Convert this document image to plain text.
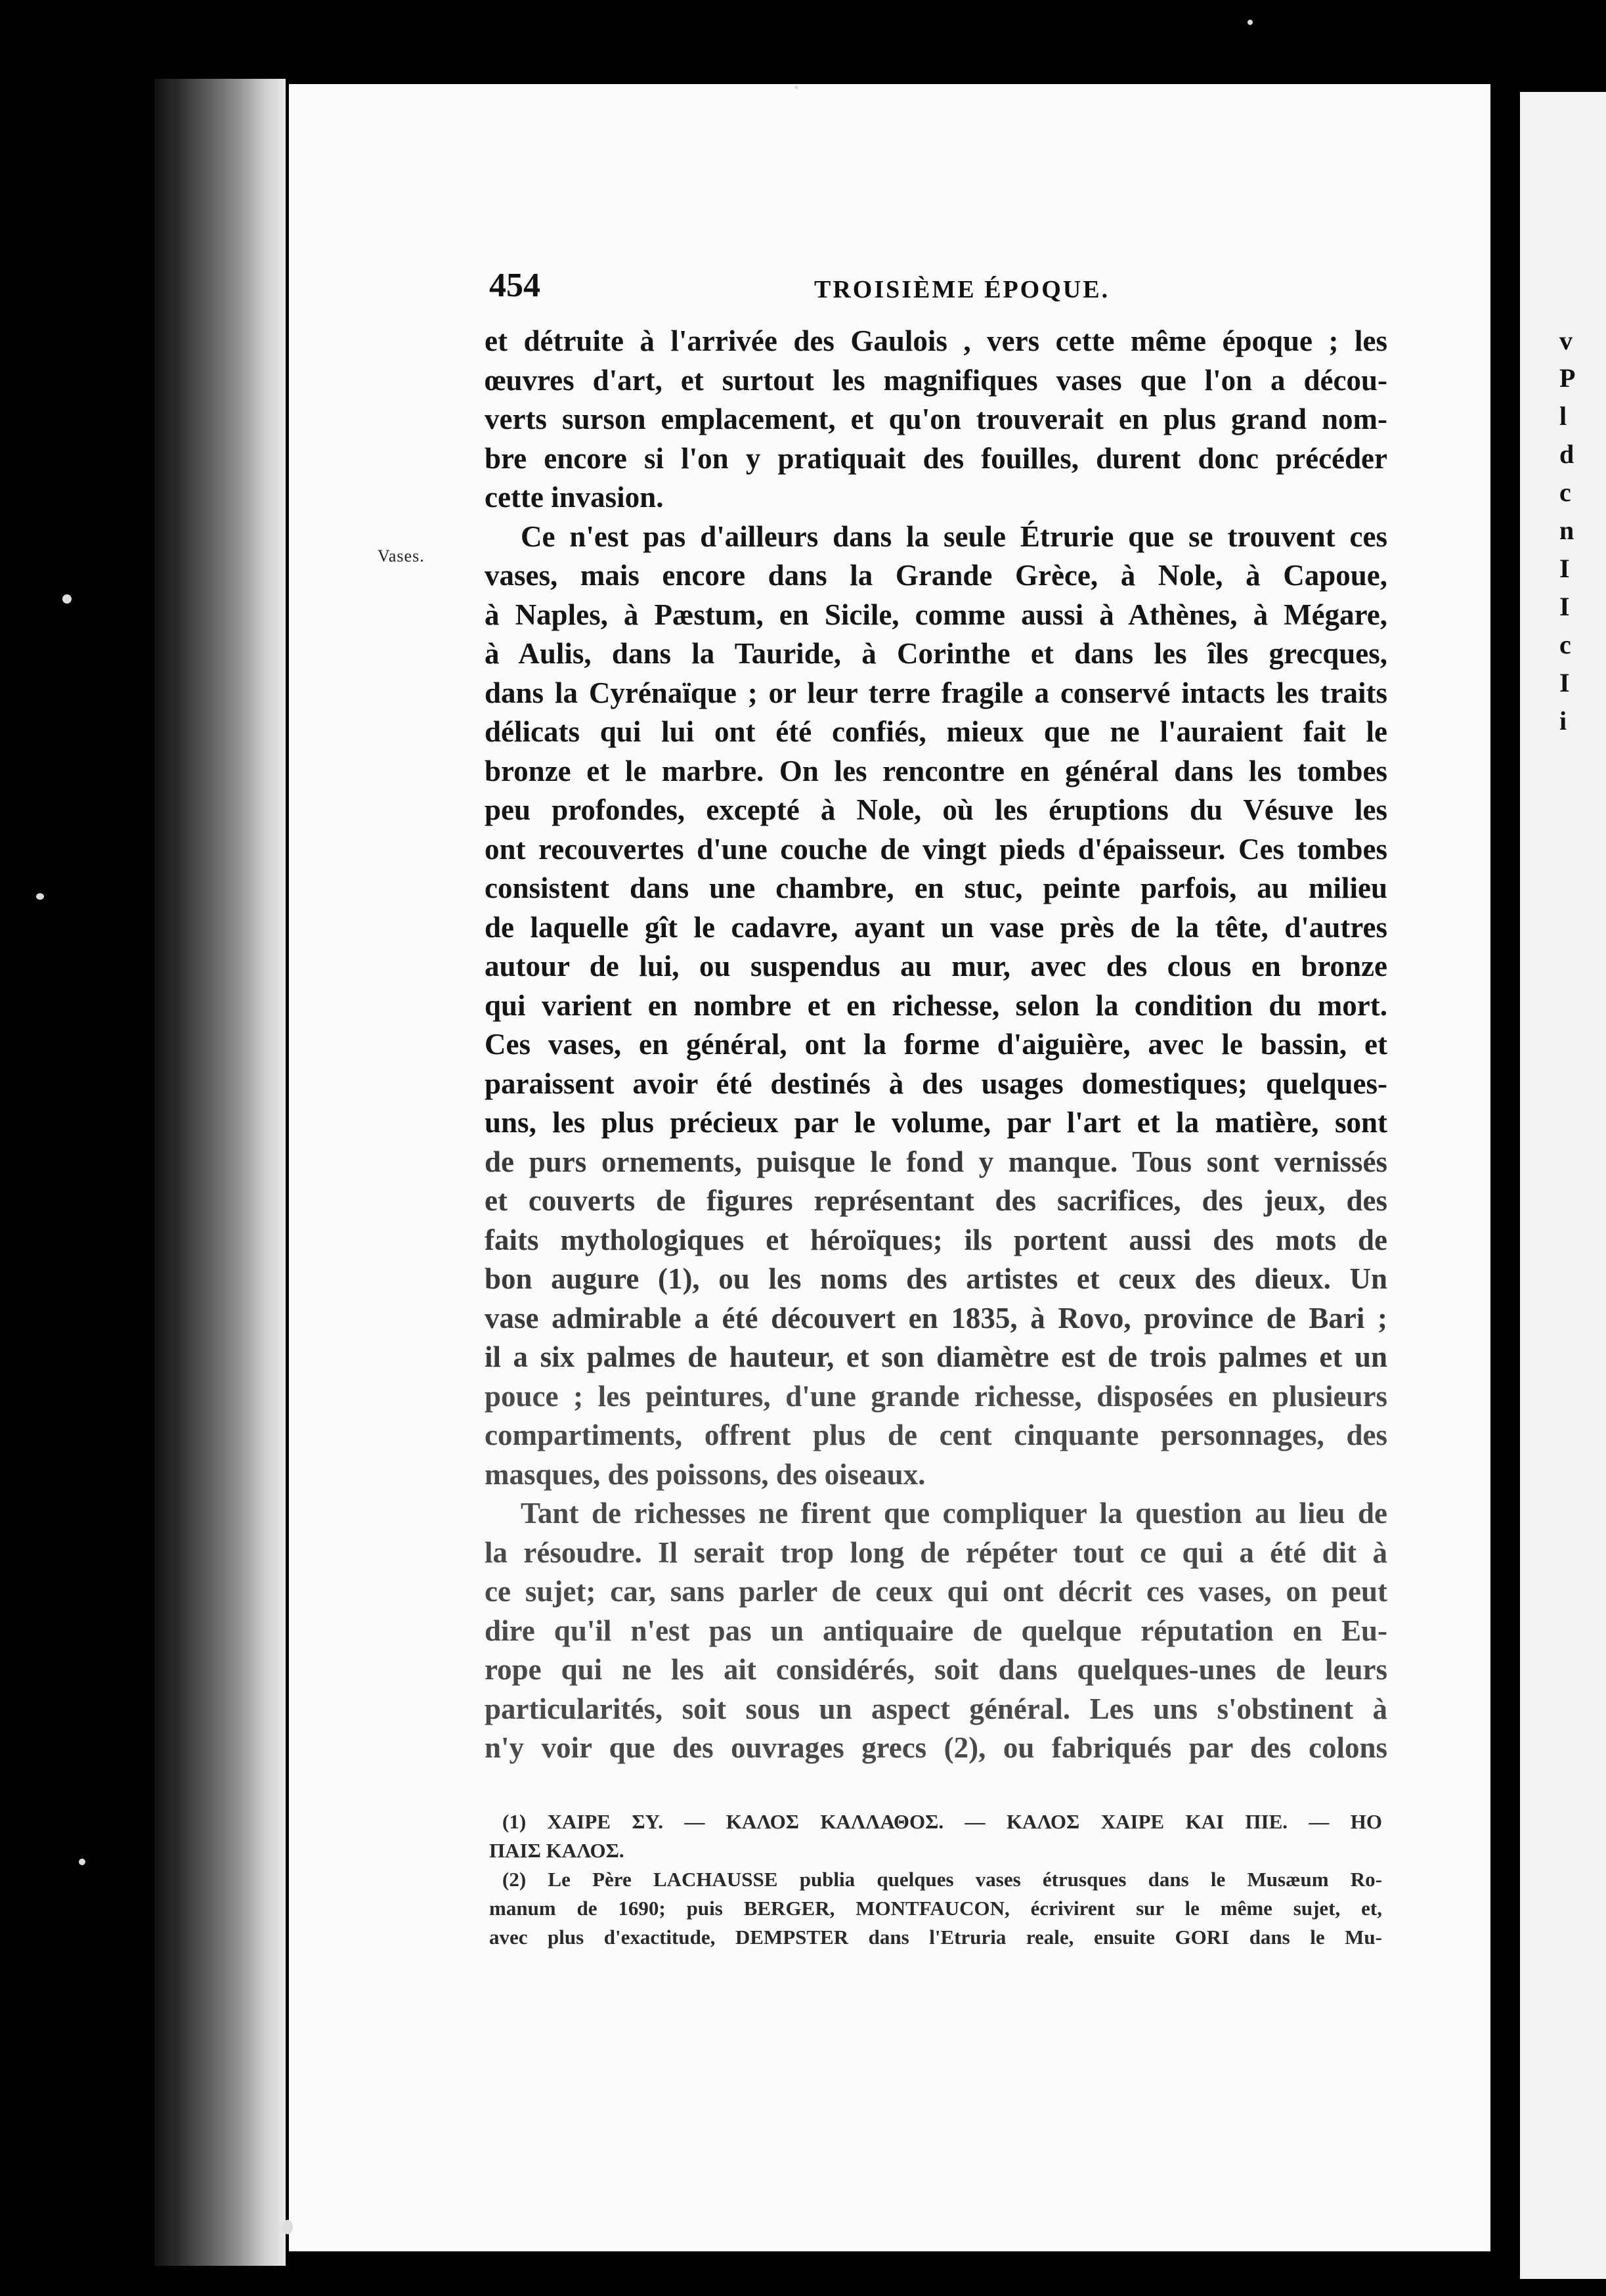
v
P
l
d
c
n
I
I
c
I
i
454	TROISIÈME ÉPOQUE.
Vases.
et détruite à l'arrivée des Gaulois , vers cette même époque ; les
œuvres d'art, et surtout les magnifiques vases que l'on a décou-
verts surson emplacement, et qu'on trouverait en plus grand nom-
bre encore si l'on y pratiquait des fouilles, durent donc précéder
cette invasion.
Ce n'est pas d'ailleurs dans la seule Étrurie que se trouvent ces
vases, mais encore dans la Grande Grèce, à Nole, à Capoue,
à Naples, à Pæstum, en Sicile, comme aussi à Athènes, à Mégare,
à Aulis, dans la Tauride, à Corinthe et dans les îles grecques,
dans la Cyrénaïque ; or leur terre fragile a conservé intacts les traits
délicats qui lui ont été confiés, mieux que ne l'auraient fait le
bronze et le marbre. On les rencontre en général dans les tombes
peu profondes, excepté à Nole, où les éruptions du Vésuve les
ont recouvertes d'une couche de vingt pieds d'épaisseur. Ces tombes
consistent dans une chambre, en stuc, peinte parfois, au milieu
de laquelle gît le cadavre, ayant un vase près de la tête, d'autres
autour de lui, ou suspendus au mur, avec des clous en bronze
qui varient en nombre et en richesse, selon la condition du mort.
Ces vases, en général, ont la forme d'aiguière, avec le bassin, et
paraissent avoir été destinés à des usages domestiques; quelques-
uns, les plus précieux par le volume, par l'art et la matière, sont
de purs ornements, puisque le fond y manque. Tous sont vernissés
et couverts de figures représentant des sacrifices, des jeux, des
faits mythologiques et héroïques; ils portent aussi des mots de
bon augure (1), ou les noms des artistes et ceux des dieux. Un
vase admirable a été découvert en 1835, à Rovo, province de Bari ;
il a six palmes de hauteur, et son diamètre est de trois palmes et un
pouce ; les peintures, d'une grande richesse, disposées en plusieurs
compartiments, offrent plus de cent cinquante personnages, des
masques, des poissons, des oiseaux.
Tant de richesses ne firent que compliquer la question au lieu de
la résoudre. Il serait trop long de répéter tout ce qui a été dit à
ce sujet; car, sans parler de ceux qui ont décrit ces vases, on peut
dire qu'il n'est pas un antiquaire de quelque réputation en Eu-
rope qui ne les ait considérés, soit dans quelques-unes de leurs
particularités, soit sous un aspect général. Les uns s'obstinent à
n'y voir que des ouvrages grecs (2), ou fabriqués par des colons
(1) ΧΑΙΡΕ ΣΥ. — ΚΑΛΟΣ ΚΑΛΛΑΘΟΣ. — ΚΑΛΟΣ ΧΑΙΡΕ ΚΑΙ ΠΙΕ. — ΗΟ
ΠΑΙΣ ΚΑΛΟΣ.
(2) Le Père LACHAUSSE publia quelques vases étrusques dans le Musæum Ro-
manum de 1690; puis BERGER, MONTFAUCON, écrivirent sur le même sujet, et,
avec plus d'exactitude, DEMPSTER dans l'Etruria reale, ensuite GORI dans le Mu-
